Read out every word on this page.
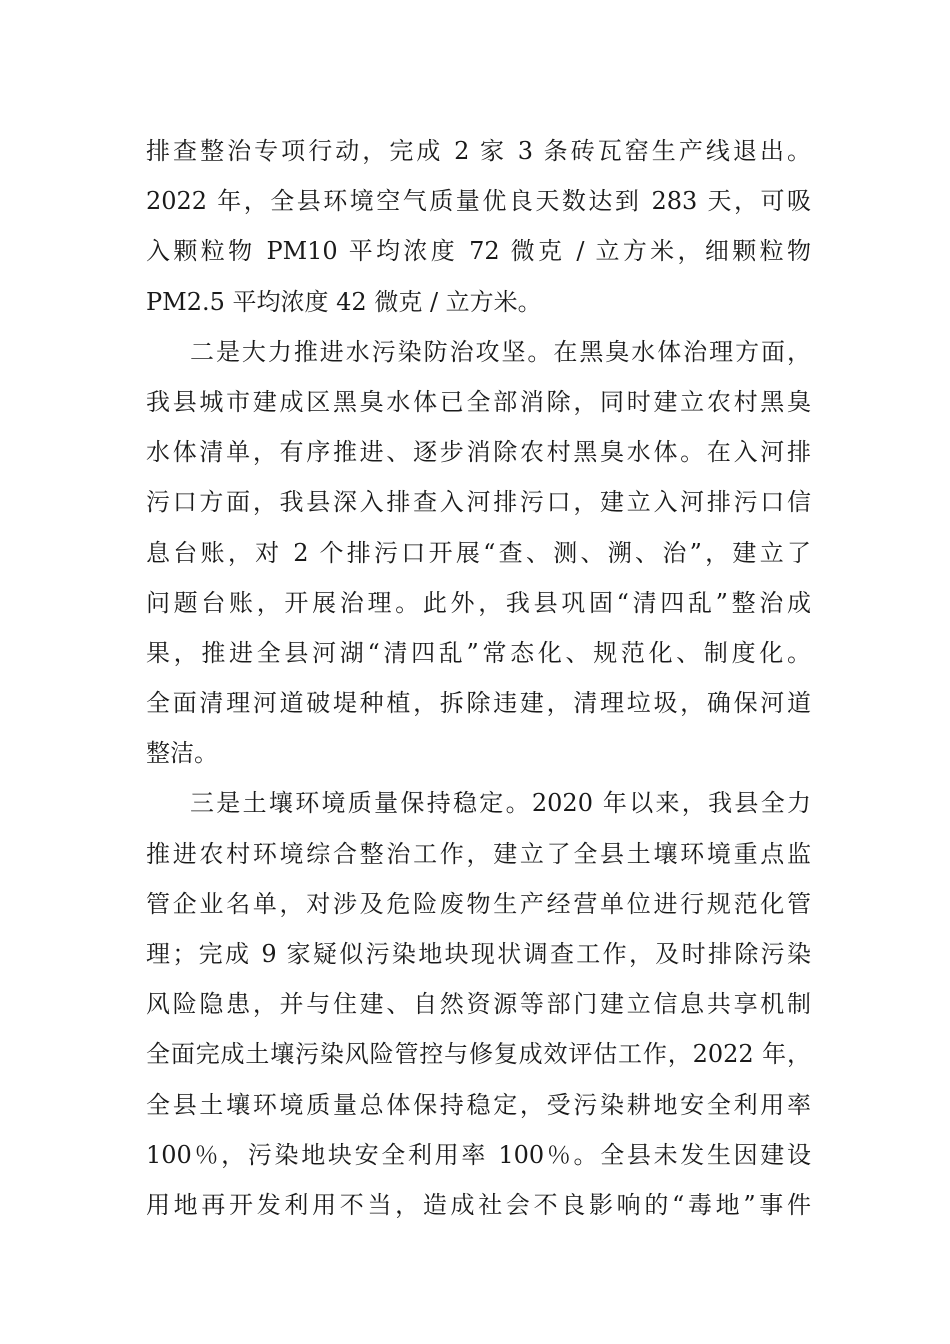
排查整治专项行动，完成 2 家 3 条砖瓦窑生产线退出。
2022 年，全县环境空气质量优良天数达到 283 天，可吸
入颗粒物 PM10 平均浓度 72 微克 / 立方米，细颗粒物
PM2.5 平均浓度 42 微克 / 立方米。
二是大力推进水污染防治攻坚。在黑臭水体治理方面，
我县城市建成区黑臭水体已全部消除，同时建立农村黑臭
水体清单，有序推进、逐步消除农村黑臭水体。在入河排
污口方面，我县深入排查入河排污口，建立入河排污口信
息台账，对 2 个排污口开展“查、测、溯、治”，建立了
问题台账，开展治理。此外，我县巩固“清四乱”整治成
果，推进全县河湖“清四乱”常态化、规范化、制度化。
全面清理河道破堤种植，拆除违建，清理垃圾，确保河道
整洁。
三是土壤环境质量保持稳定。2020 年以来，我县全力
推进农村环境综合整治工作，建立了全县土壤环境重点监
管企业名单，对涉及危险废物生产经营单位进行规范化管
理；完成 9 家疑似污染地块现状调查工作，及时排除污染
风险隐患，并与住建、自然资源等部门建立信息共享机制
全面完成土壤污染风险管控与修复成效评估工作，2022 年，
全县土壤环境质量总体保持稳定，受污染耕地安全利用率
100％，污染地块安全利用率 100％。全县未发生因建设
用地再开发利用不当，造成社会不良影响的“毒地”事件
